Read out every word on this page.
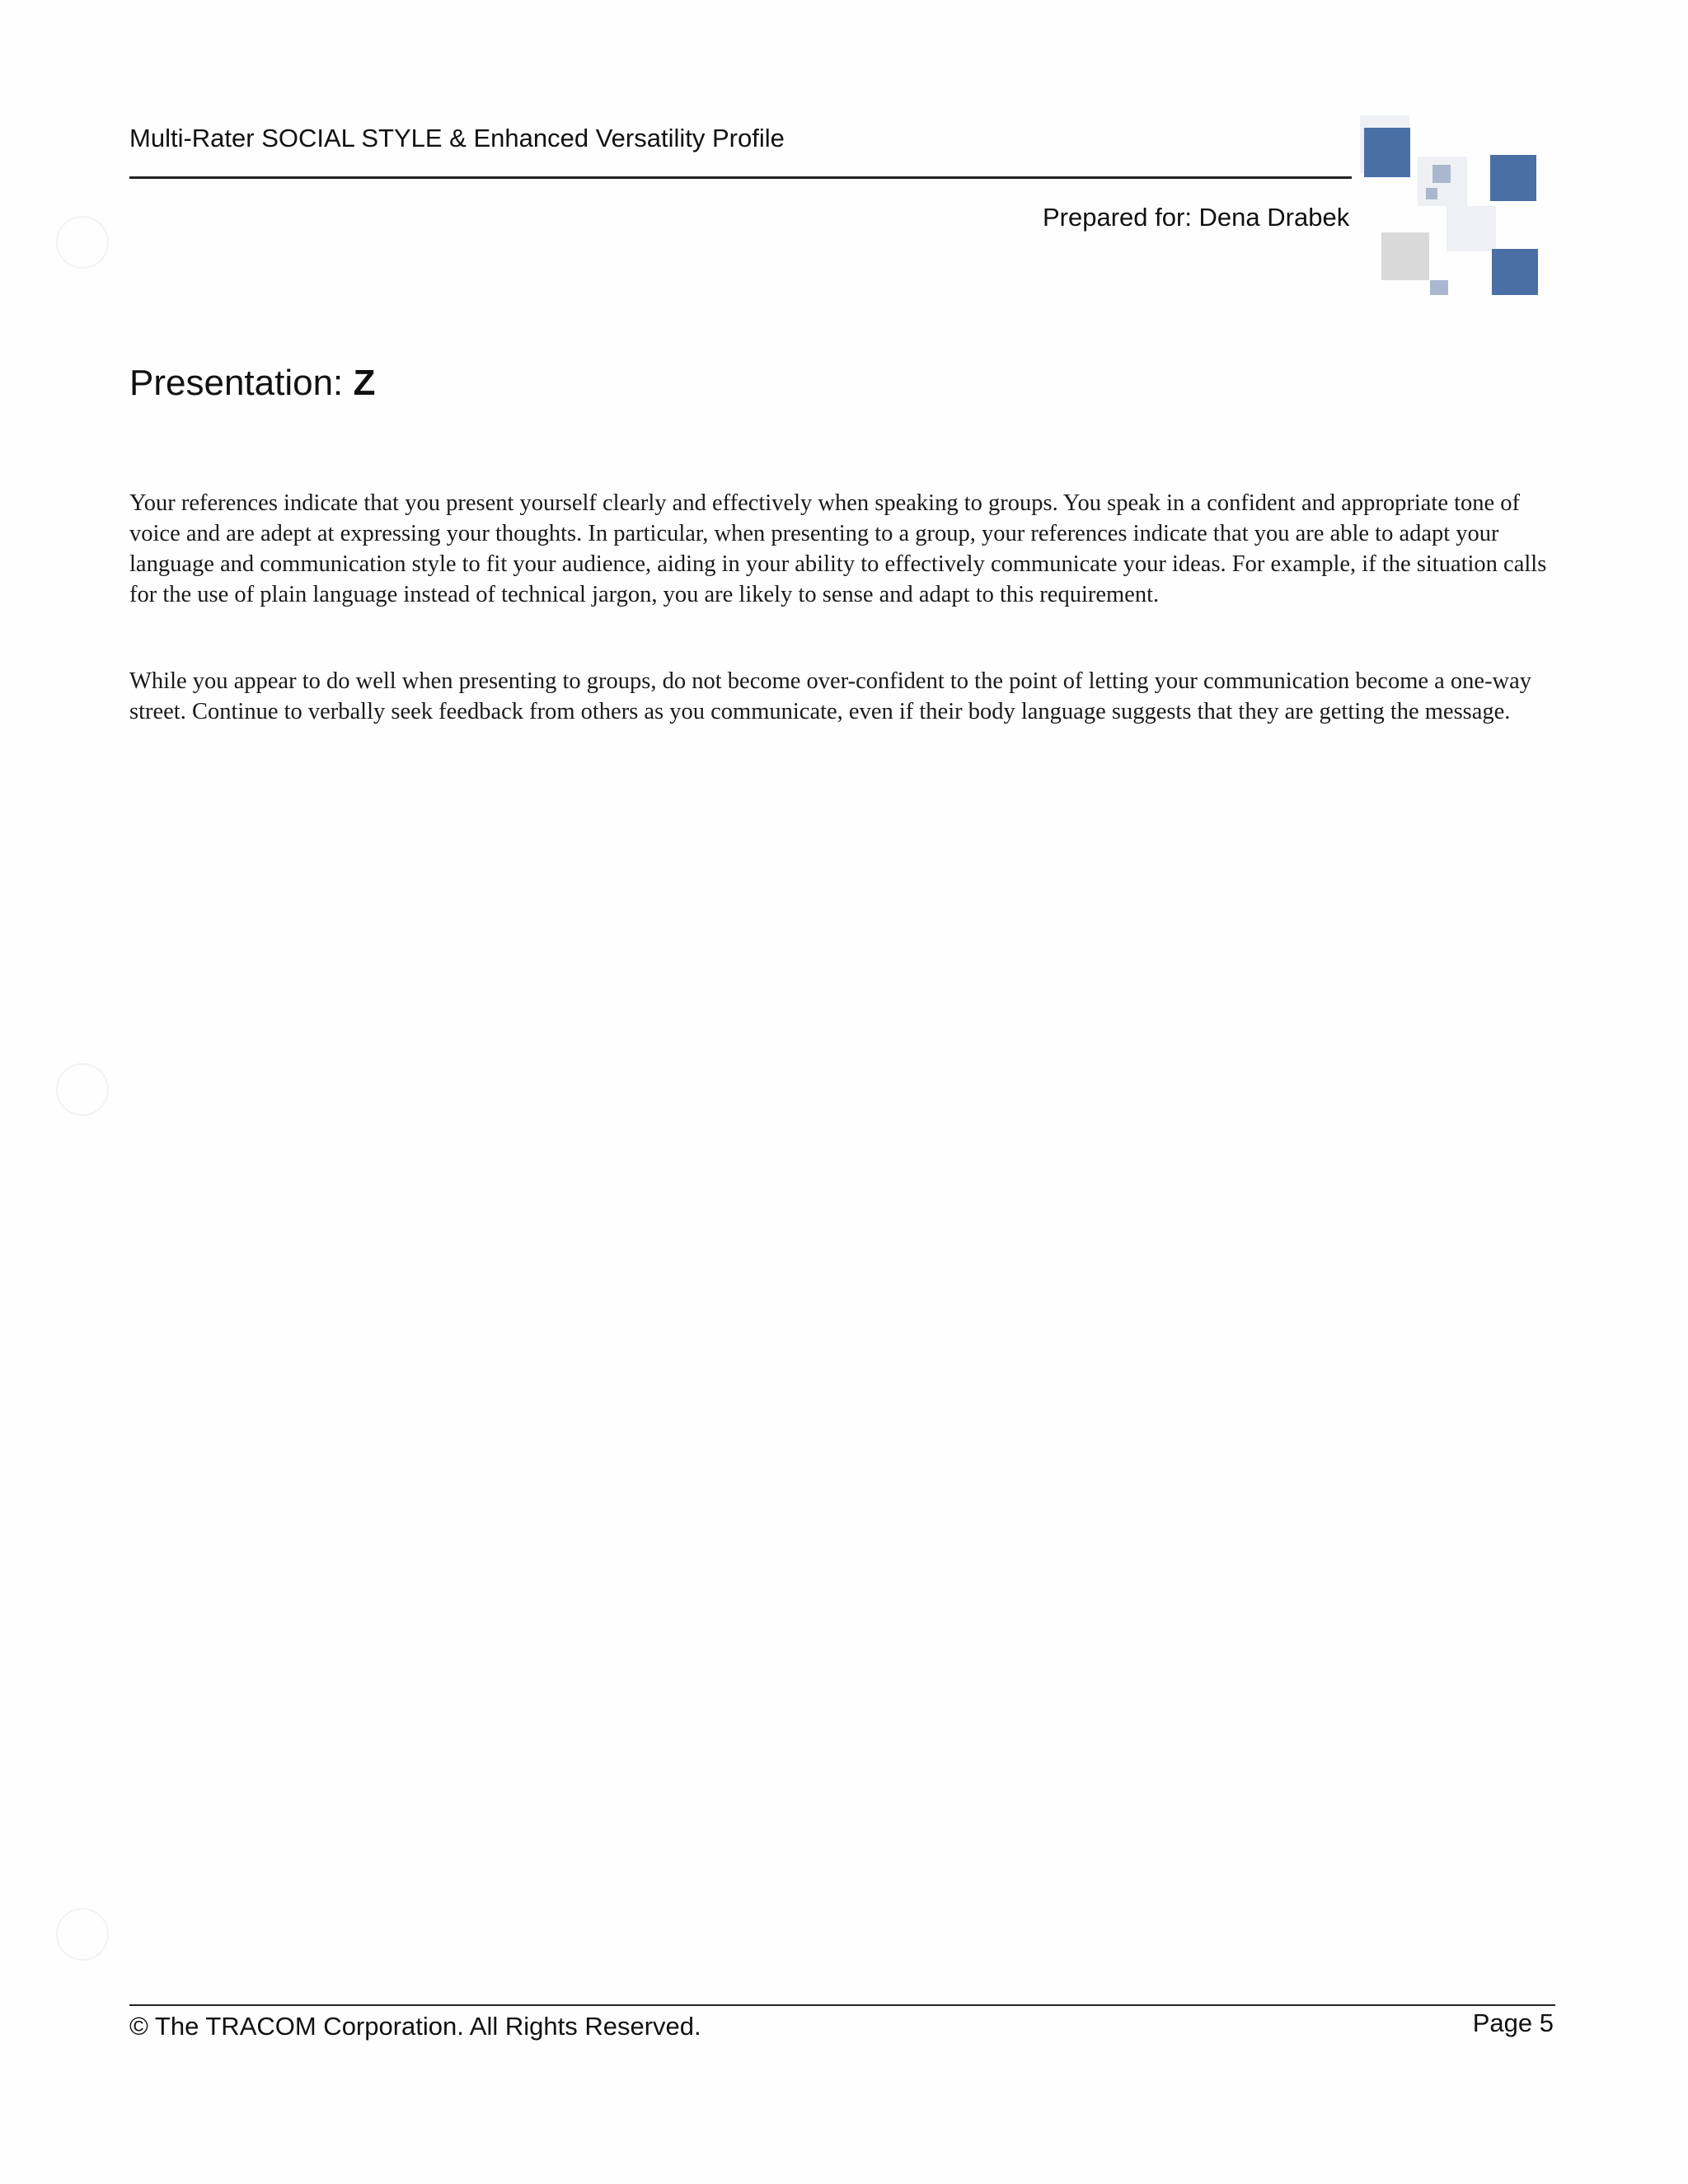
Multi-Rater SOCIAL STYLE & Enhanced Versatility Profile
Prepared for: Dena Drabek
Presentation: Z

Your references indicate that you present yourself clearly and effectively when speaking to groups. You speak in a confident and appropriate tone of voice and are adept at expressing your thoughts. In particular, when presenting to a group, your references indicate that you are able to adapt your language and communication style to fit your audience, aiding in your ability to effectively communicate your ideas. For example, if the situation calls for the use of plain language instead of technical jargon, you are likely to sense and adapt to this requirement.

While you appear to do well when presenting to groups, do not become over-confident to the point of letting your communication become a one-way street. Continue to verbally seek feedback from others as you communicate, even if their body language suggests that they are getting the message.

© The TRACOM Corporation. All Rights Reserved.	Page 5
